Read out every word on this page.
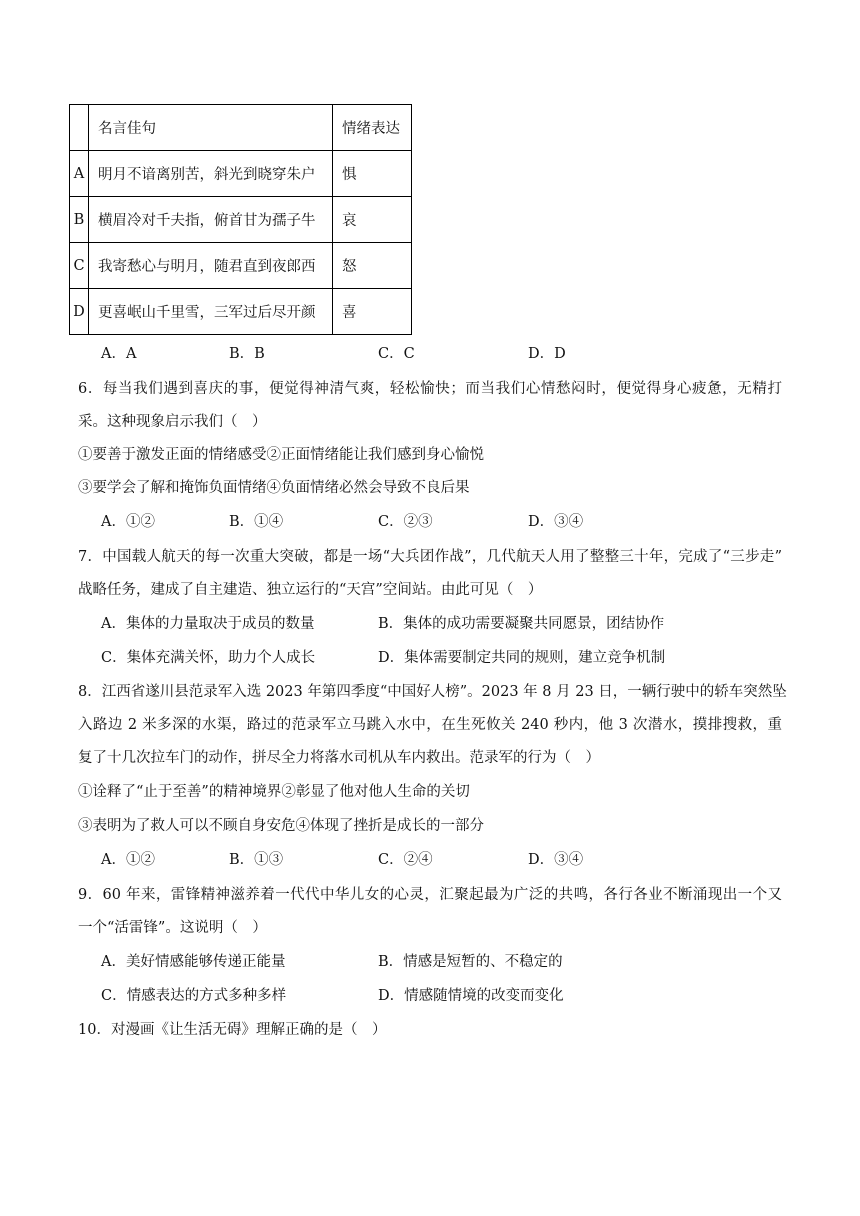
	名言佳句	情绪表达
A	明月不谙离别苦，斜光到晓穿朱户	惧
B	横眉冷对千夫指，俯首甘为孺子牛	哀
C	我寄愁心与明月，随君直到夜郎西	怒
D	更喜岷山千里雪，三军过后尽开颜	喜
A．A	B．B	C．C	D．D
6．每当我们遇到喜庆的事，便觉得神清气爽，轻松愉快；而当我们心情愁闷时，便觉得身心疲惫，无精打
采。这种现象启示我们（　）
①要善于激发正面的情绪感受②正面情绪能让我们感到身心愉悦
③要学会了解和掩饰负面情绪④负面情绪必然会导致不良后果
A．①②	B．①④	C．②③	D．③④
7．中国载人航天的每一次重大突破，都是一场“大兵团作战”，几代航天人用了整整三十年，完成了“三步走”
战略任务，建成了自主建造、独立运行的“天宫”空间站。由此可见（　）
A．集体的力量取决于成员的数量	B．集体的成功需要凝聚共同愿景，团结协作
C．集体充满关怀，助力个人成长	D．集体需要制定共同的规则，建立竞争机制
8．江西省遂川县范录军入选 2023 年第四季度“中国好人榜”。2023 年 8 月 23 日，一辆行驶中的轿车突然坠
入路边 2 米多深的水渠，路过的范录军立马跳入水中，在生死攸关 240 秒内，他 3 次潜水，摸排搜救，重
复了十几次拉车门的动作，拼尽全力将落水司机从车内救出。范录军的行为（　）
①诠释了“止于至善”的精神境界②彰显了他对他人生命的关切
③表明为了救人可以不顾自身安危④体现了挫折是成长的一部分
A．①②	B．①③	C．②④	D．③④
9．60 年来，雷锋精神滋养着一代代中华儿女的心灵，汇聚起最为广泛的共鸣，各行各业不断涌现出一个又
一个“活雷锋”。这说明（　）
A．美好情感能够传递正能量	B．情感是短暂的、不稳定的
C．情感表达的方式多种多样	D．情感随情境的改变而变化
10．对漫画《让生活无碍》理解正确的是（　）
